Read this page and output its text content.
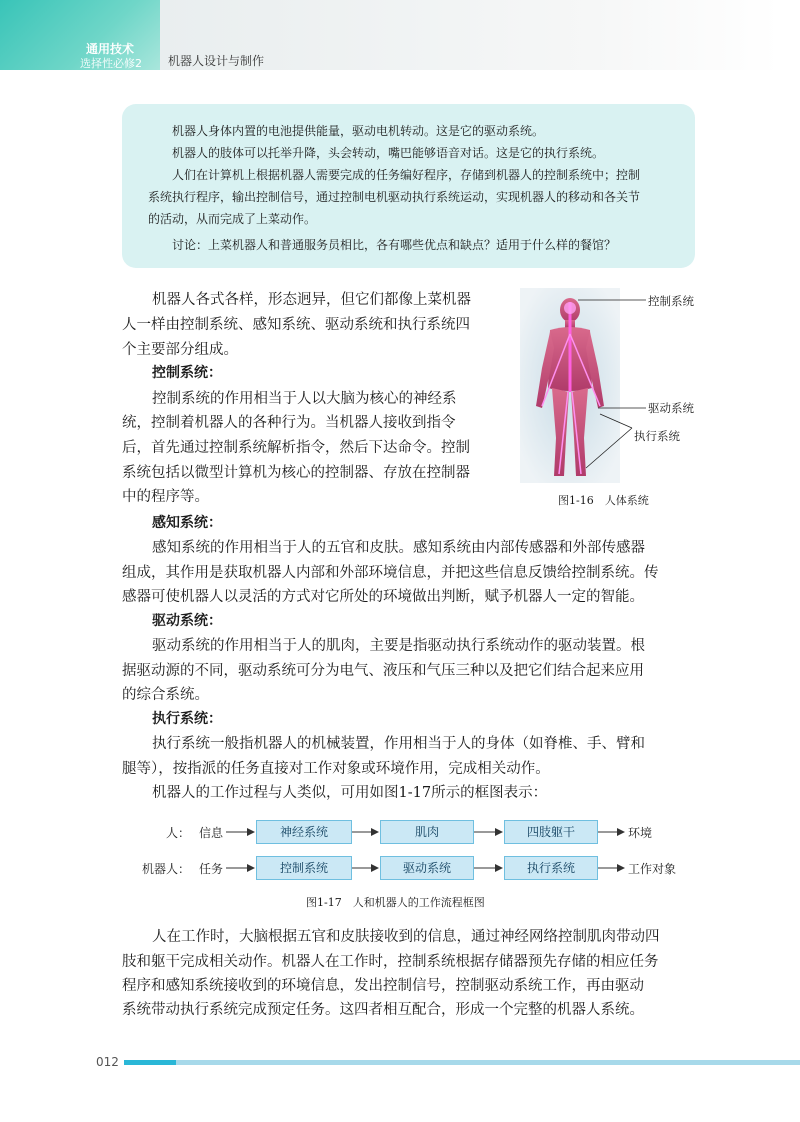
通用技术
选择性必修2 机器人设计与制作

机器人身体内置的电池提供能量，驱动电机转动。这是它的驱动系统。

机器人的肢体可以托举升降，头会转动，嘴巴能够语音对话。这是它的执行系统。

人们在计算机上根据机器人需要完成的任务编好程序，存储到机器人的控制系统中；控制

系统执行程序，输出控制信号，通过控制电机驱动执行系统运动，实现机器人的移动和各关节

的活动，从而完成了上菜动作。

讨论：上菜机器人和普通服务员相比，各有哪些优点和缺点？适用于什么样的餐馆？

机器人各式各样，形态迥异，但它们都像上菜机器

人一样由控制系统、感知系统、驱动系统和执行系统四

个主要部分组成。

控制系统：

控制系统的作用相当于人以大脑为核心的神经系

统，控制着机器人的各种行为。当机器人接收到指令

后，首先通过控制系统解析指令，然后下达命令。控制

系统包括以微型计算机为核心的控制器、存放在控制器

中的程序等。

控制系统
驱动系统
执行系统
图1-16　人体系统
感知系统：

感知系统的作用相当于人的五官和皮肤。感知系统由内部传感器和外部传感器

组成，其作用是获取机器人内部和外部环境信息，并把这些信息反馈给控制系统。传

感器可使机器人以灵活的方式对它所处的环境做出判断，赋予机器人一定的智能。

驱动系统：

驱动系统的作用相当于人的肌肉，主要是指驱动执行系统动作的驱动装置。根

据驱动源的不同，驱动系统可分为电气、液压和气压三种以及把它们结合起来应用

的综合系统。

执行系统：

执行系统一般指机器人的机械装置，作用相当于人的身体（如脊椎、手、臂和

腿等），按指派的任务直接对工作对象或环境作用，完成相关动作。

机器人的工作过程与人类似，可用如图1-17所示的框图表示：

人： 信息	神经系统	肌肉	四肢躯干	环境
机器人： 任务	控制系统	驱动系统	执行系统	工作对象
图1-17　人和机器人的工作流程框图

人在工作时，大脑根据五官和皮肤接收到的信息，通过神经网络控制肌肉带动四

肢和躯干完成相关动作。机器人在工作时，控制系统根据存储器预先存储的相应任务

程序和感知系统接收到的环境信息，发出控制信号，控制驱动系统工作，再由驱动

系统带动执行系统完成预定任务。这四者相互配合，形成一个完整的机器人系统。

012
